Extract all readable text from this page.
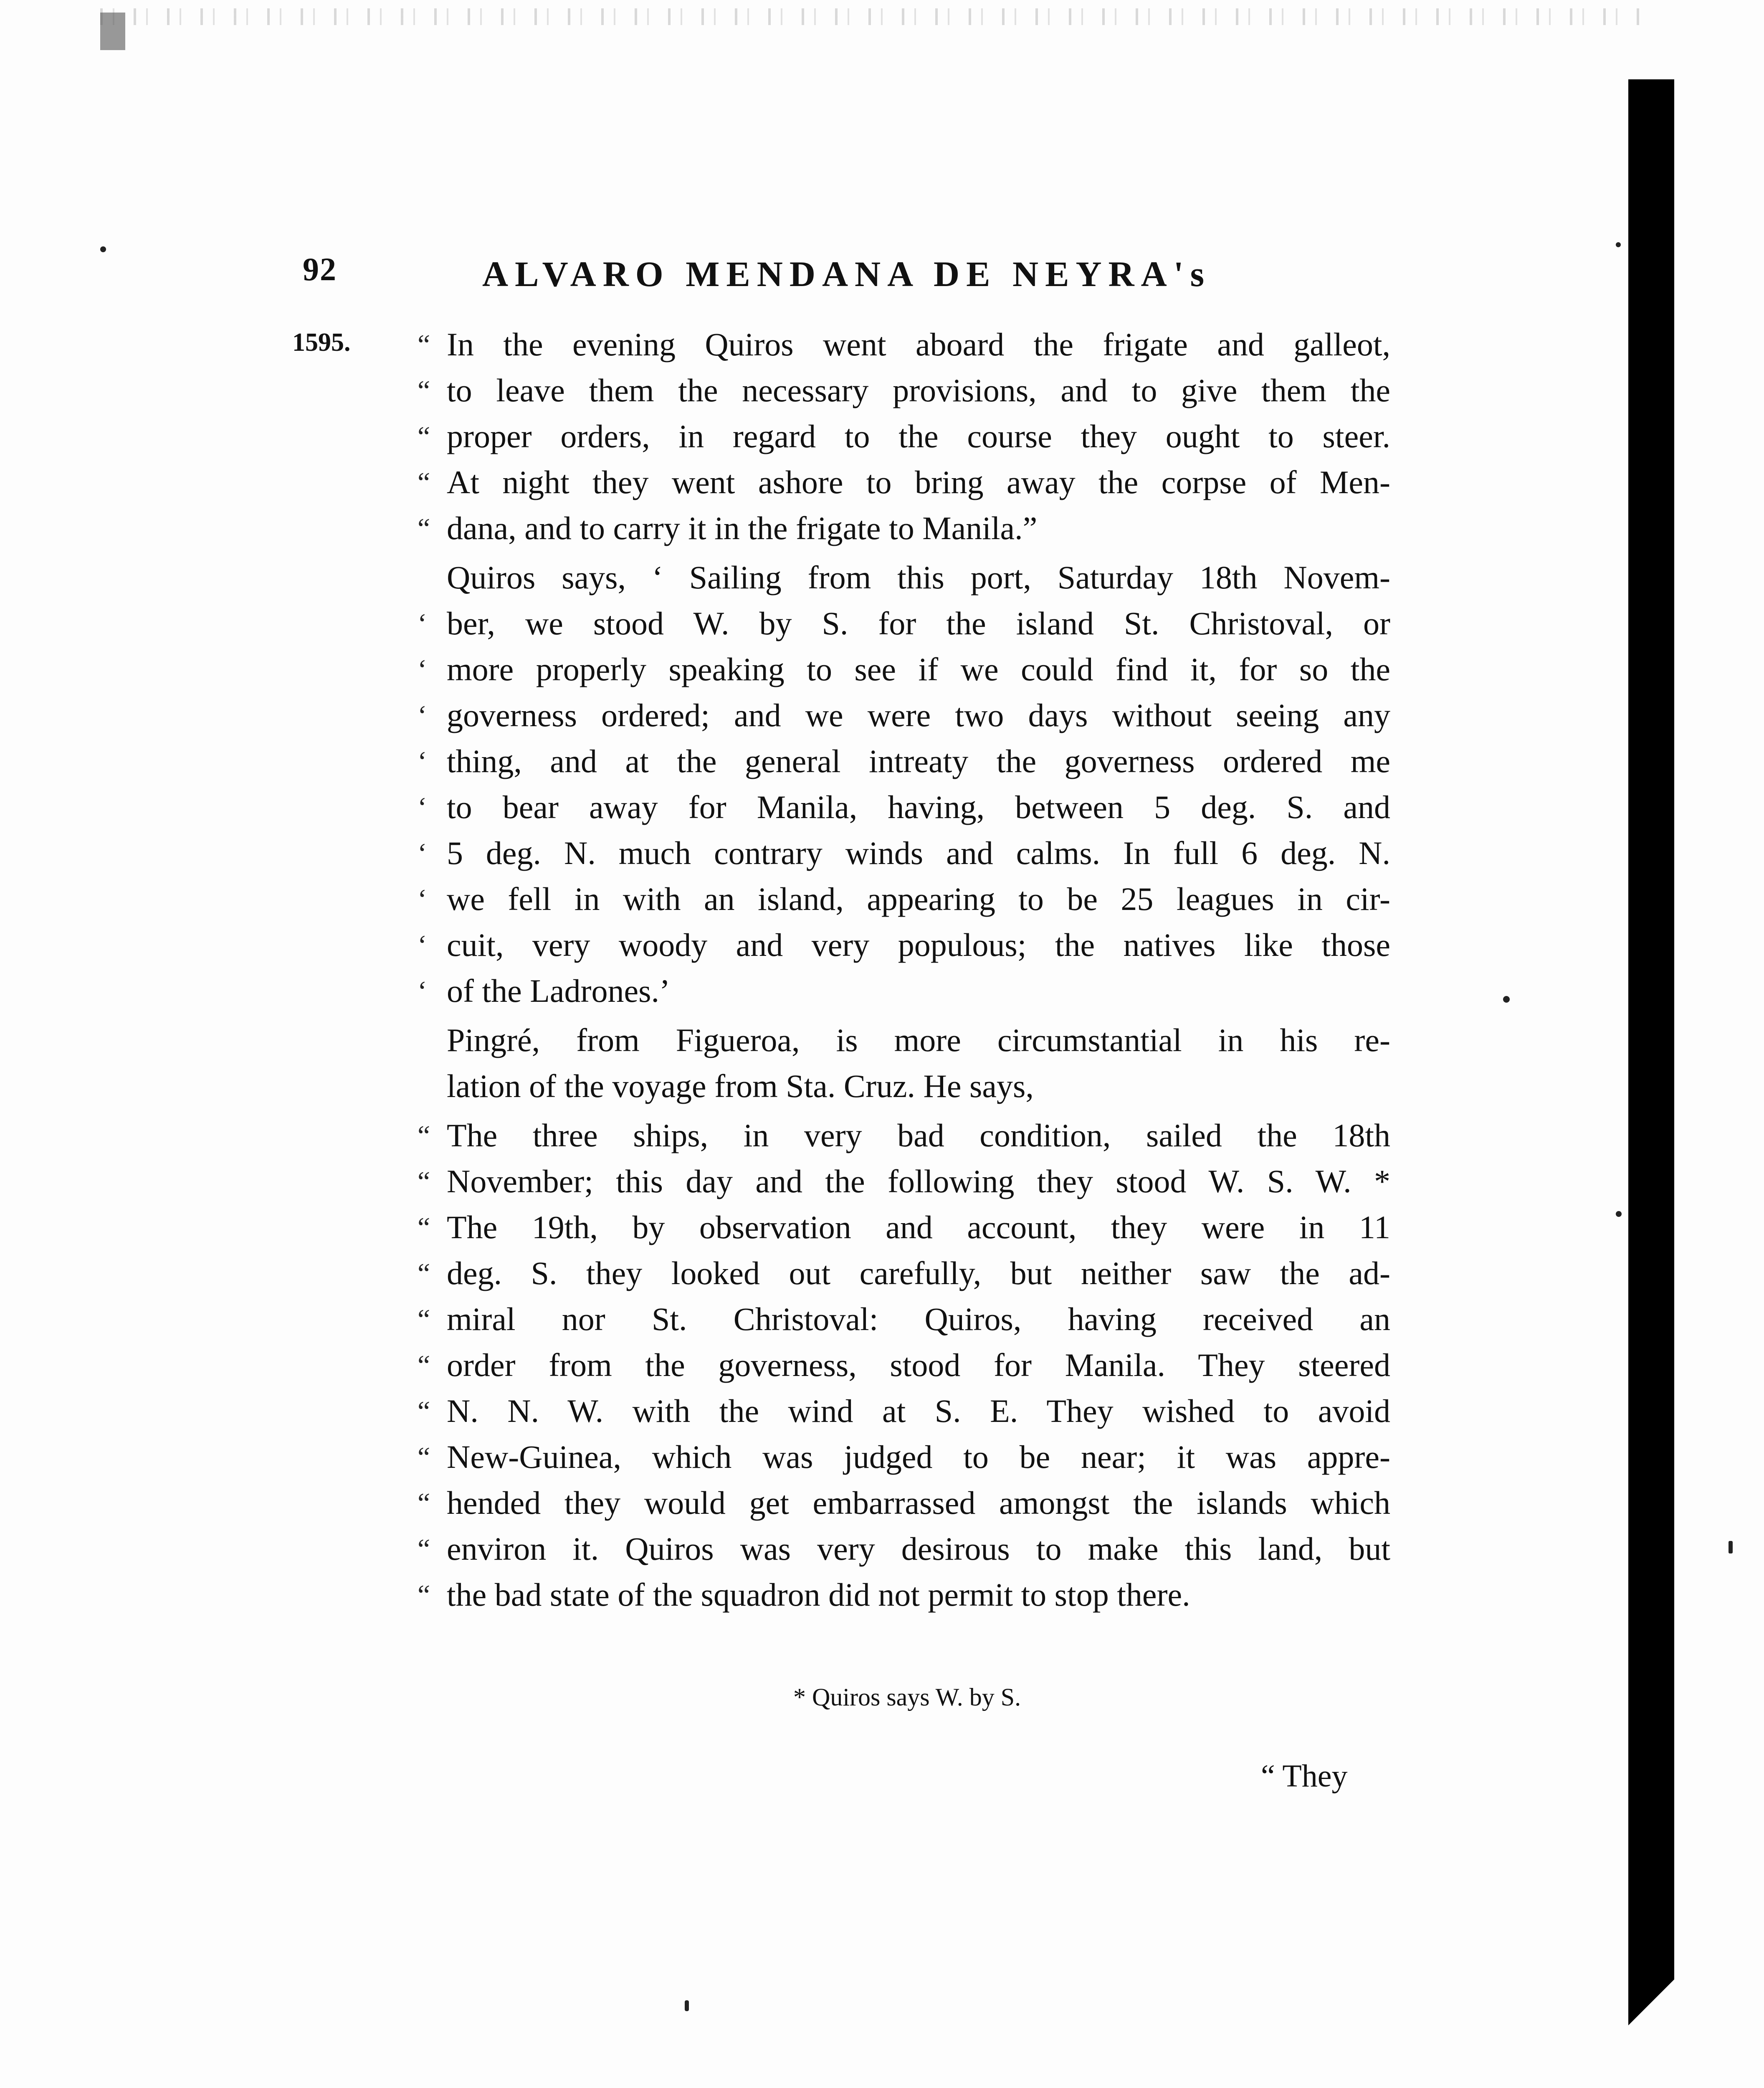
92	ALVARO MENDANA DE NEYRA's
1595. “ In the evening Quiros went aboard the frigate and galleot,
“ to leave them the necessary provisions, and to give them the
“ proper orders, in regard to the course they ought to steer.
“ At night they went ashore to bring away the corpse of Men-
“ dana, and to carry it in the frigate to Manila.”
Quiros says, ‘ Sailing from this port, Saturday 18th Novem-
‘ ber, we stood W. by S. for the island St. Christoval, or
‘ more properly speaking to see if we could find it, for so the
‘ governess ordered; and we were two days without seeing any
‘ thing, and at the general intreaty the governess ordered me
‘ to bear away for Manila, having, between 5 deg. S. and
‘ 5 deg. N. much contrary winds and calms. In full 6 deg. N.
‘ we fell in with an island, appearing to be 25 leagues in cir-
‘ cuit, very woody and very populous; the natives like those
‘ of the Ladrones.’
Pingré, from Figueroa, is more circumstantial in his re-
lation of the voyage from Sta. Cruz. He says,
“ The three ships, in very bad condition, sailed the 18th
“ November; this day and the following they stood W. S. W. *
“ The 19th, by observation and account, they were in 11
“ deg. S. they looked out carefully, but neither saw the ad-
“ miral nor St. Christoval: Quiros, having received an
“ order from the governess, stood for Manila. They steered
“ N. N. W. with the wind at S. E. They wished to avoid
“ New-Guinea, which was judged to be near; it was appre-
“ hended they would get embarrassed amongst the islands which
“ environ it. Quiros was very desirous to make this land, but
“ the bad state of the squadron did not permit to stop there.
* Quiros says W. by S.
“ They
